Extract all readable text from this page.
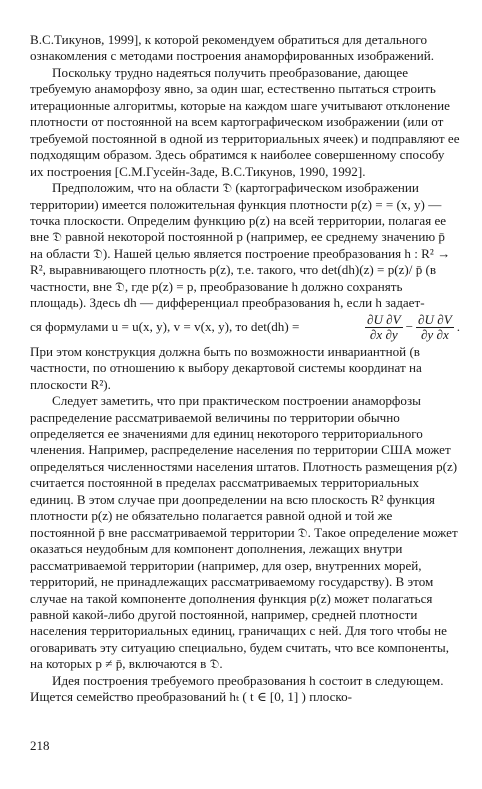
В.С.Тикунов, 1999], к которой рекомендуем обратиться для детального ознакомления с методами построения анаморфированных изображений.

Поскольку трудно надеяться получить преобразование, дающее требуемую анаморфозу явно, за один шаг, естественно пытаться строить итерационные алгоритмы, которые на каждом шаге учитывают отклонение плотности от постоянной на всем картографическом изображении (или от требуемой постоянной в одной из территориальных ячеек) и подправляют ее подходящим образом. Здесь обратимся к наиболее совершенному способу их построения [С.М.Гусейн-Заде, В.С.Тикунов, 1990, 1992].

Предположим, что на области 𝔇 (картографическом изображении территории) имеется положительная функция плотности p(z) = = (x, y) — точка плоскости. Определим функцию p(z) на всей территории, полагая ее вне 𝔇 равной некоторой постоянной p (например, ее среднему значению p̄ на области 𝔇). Нашей целью является построение преобразования h : R² → R², выравнивающего плотность p(z), т.е. такого, что det(dh)(z) = p(z)/ p̄ (в частности, вне 𝔇, где p(z) = p, преобразование h должно сохранять площадь). Здесь dh — дифференциал преобразования h, если h задает-

ся формулами u = u(x, y), v = v(x, y), то det(dh) =	$\frac{\partial U \partial V}{\partial x \partial y} - \frac{\partial U \partial V}{\partial y \partial x}$ .

При этом конструкция должна быть по возможности инвариантной (в частности, по отношению к выбору декартовой системы координат на плоскости R²).

Следует заметить, что при практическом построении анаморфозы распределение рассматриваемой величины по территории обычно определяется ее значениями для единиц некоторого территориального членения. Например, распределение населения по территории США может определяться численностями населения штатов. Плотность размещения p(z) считается постоянной в пределах рассматриваемых территориальных единиц. В этом случае при доопределении на всю плоскость R² функция плотности p(z) не обязательно полагается равной одной и той же постоянной p̄ вне рассматриваемой территории 𝔇. Такое определение может оказаться неудобным для компонент дополнения, лежащих внутри рассматриваемой территории (например, для озер, внутренних морей, территорий, не принадлежащих рассматриваемому государству). В этом случае на такой компоненте дополнения функция p(z) может полагаться равной какой-либо другой постоянной, например, средней плотности населения территориальных единиц, граничащих с ней. Для того чтобы не оговаривать эту ситуацию специально, будем считать, что все компоненты, на которых p ≠ p̄, включаются в 𝔇.

Идея построения требуемого преобразования h состоит в следующем. Ищется семейство преобразований hₜ ( t ∈ [0, 1] ) плоско-

218
